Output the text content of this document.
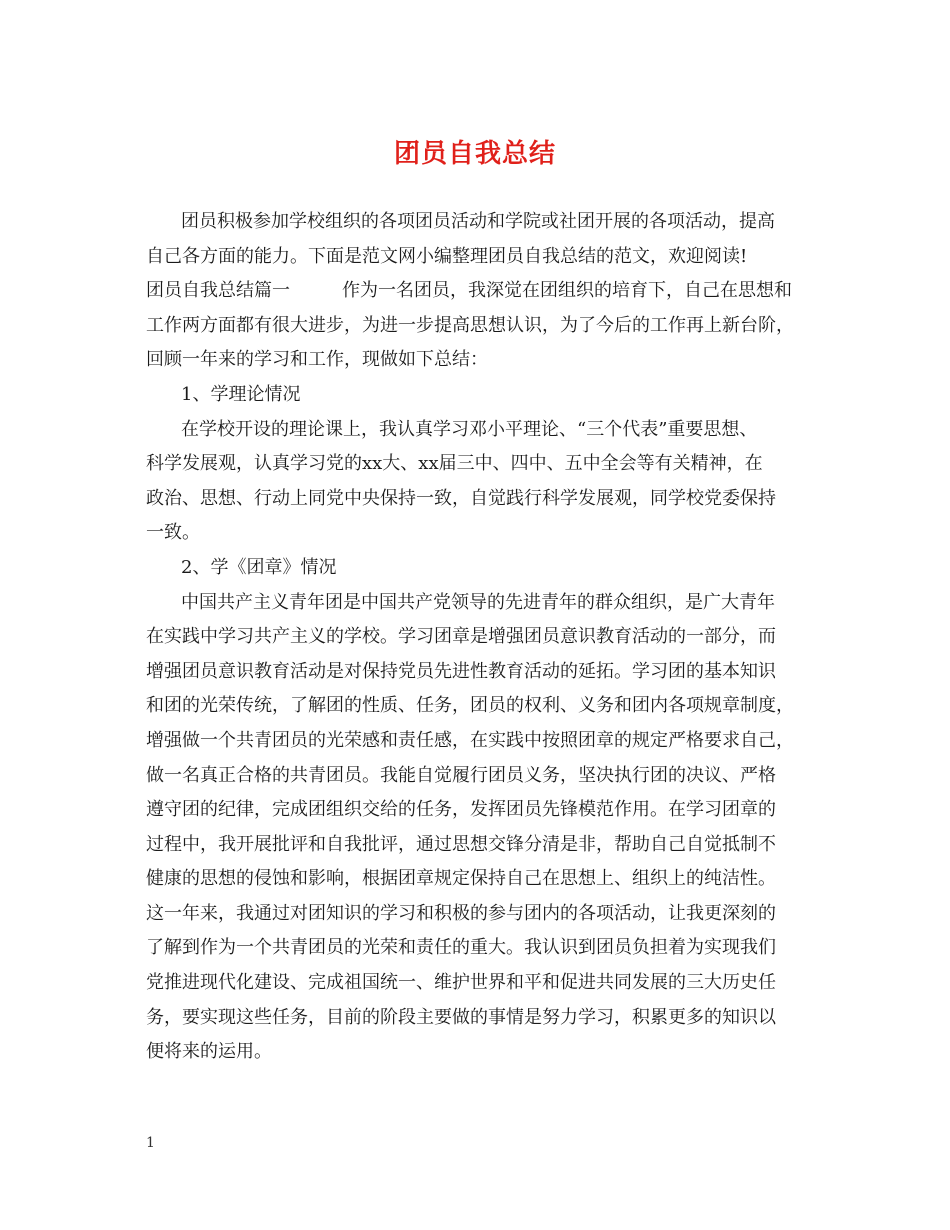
团员自我总结
团员积极参加学校组织的各项团员活动和学院或社团开展的各项活动，提高
自己各方面的能力。下面是范文网小编整理团员自我总结的范文，欢迎阅读!
团员自我总结篇一	作为一名团员，我深觉在团组织的培育下，自己在思想和
工作两方面都有很大进步，为进一步提高思想认识，为了今后的工作再上新台阶，
回顾一年来的学习和工作，现做如下总结：
1、学理论情况
在学校开设的理论课上，我认真学习邓小平理论、“三个代表”重要思想、
科学发展观，认真学习党的xx大、xx届三中、四中、五中全会等有关精神，在
政治、思想、行动上同党中央保持一致，自觉践行科学发展观，同学校党委保持
一致。
2、学《团章》情况
中国共产主义青年团是中国共产党领导的先进青年的群众组织，是广大青年
在实践中学习共产主义的学校。学习团章是增强团员意识教育活动的一部分，而
增强团员意识教育活动是对保持党员先进性教育活动的延拓。学习团的基本知识
和团的光荣传统，了解团的性质、任务，团员的权利、义务和团内各项规章制度，
增强做一个共青团员的光荣感和责任感，在实践中按照团章的规定严格要求自己，
做一名真正合格的共青团员。我能自觉履行团员义务，坚决执行团的决议、严格
遵守团的纪律，完成团组织交给的任务，发挥团员先锋模范作用。在学习团章的
过程中，我开展批评和自我批评，通过思想交锋分清是非，帮助自己自觉抵制不
健康的思想的侵蚀和影响，根据团章规定保持自己在思想上、组织上的纯洁性。
这一年来，我通过对团知识的学习和积极的参与团内的各项活动，让我更深刻的
了解到作为一个共青团员的光荣和责任的重大。我认识到团员负担着为实现我们
党推进现代化建设、完成祖国统一、维护世界和平和促进共同发展的三大历史任
务，要实现这些任务，目前的阶段主要做的事情是努力学习，积累更多的知识以
便将来的运用。
1
